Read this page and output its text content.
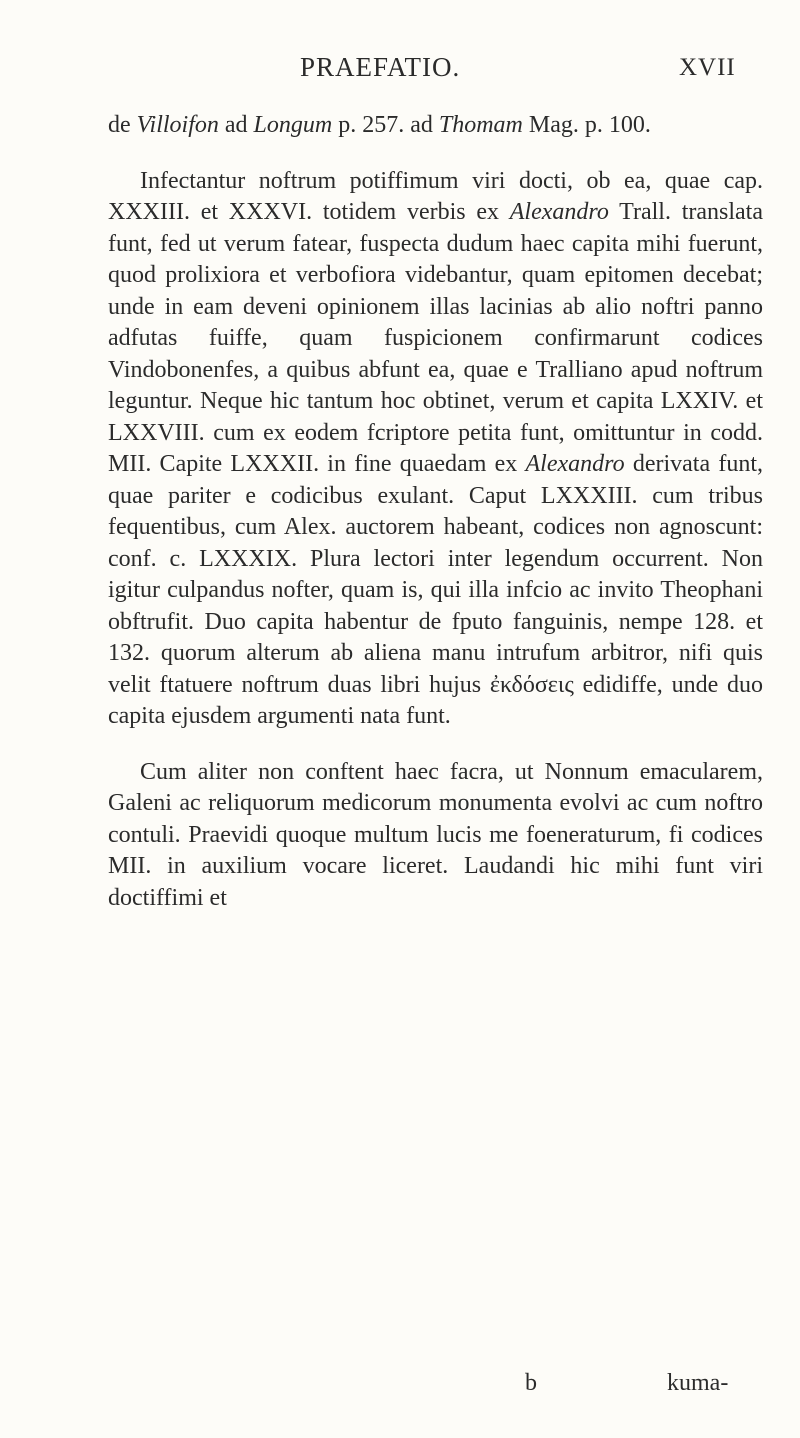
PRAEFATIO.	XVII

de Villoifon ad Longum p. 257. ad Thomam Mag. p. 100.

Infectantur noftrum potiffimum viri docti, ob ea, quae cap. XXXIII. et XXXVI. totidem verbis ex Alexandro Trall. translata funt, fed ut verum fatear, fuspecta dudum haec capita mihi fuerunt, quod prolixiora et verbofiora videbantur, quam epitomen decebat; unde in eam deveni opinionem illas lacinias ab alio noftri panno adfutas fuiffe, quam fuspicionem confirmarunt codices Vindobonenfes, a quibus abfunt ea, quae e Tralliano apud noftrum leguntur. Neque hic tantum hoc obtinet, verum et capita LXXIV. et LXXVIII. cum ex eodem fcriptore petita funt, omittuntur in codd. MII. Capite LXXXII. in fine quaedam ex Alexandro derivata funt, quae pariter e codicibus exulant. Caput LXXXIII. cum tribus fequentibus, cum Alex. auctorem habeant, codices non agnoscunt: conf. c. LXXXIX. Plura lectori inter legendum occurrent. Non igitur culpandus nofter, quam is, qui illa infcio ac invito Theophani obftrufit. Duo capita habentur de fputo fanguinis, nempe 128. et 132. quorum alterum ab aliena manu intrufum arbitror, nifi quis velit ftatuere noftrum duas libri hujus ἐκδόσεις edidiffe, unde duo capita ejusdem argumenti nata funt.

Cum aliter non conftent haec facra, ut Nonnum emacularem, Galeni ac reliquorum medicorum monumenta evolvi ac cum noftro contuli. Praevidi quoque multum lucis me foeneraturum, fi codices MII. in auxilium vocare liceret. Laudandi hic mihi funt viri doctiffimi et

b	kuma-
